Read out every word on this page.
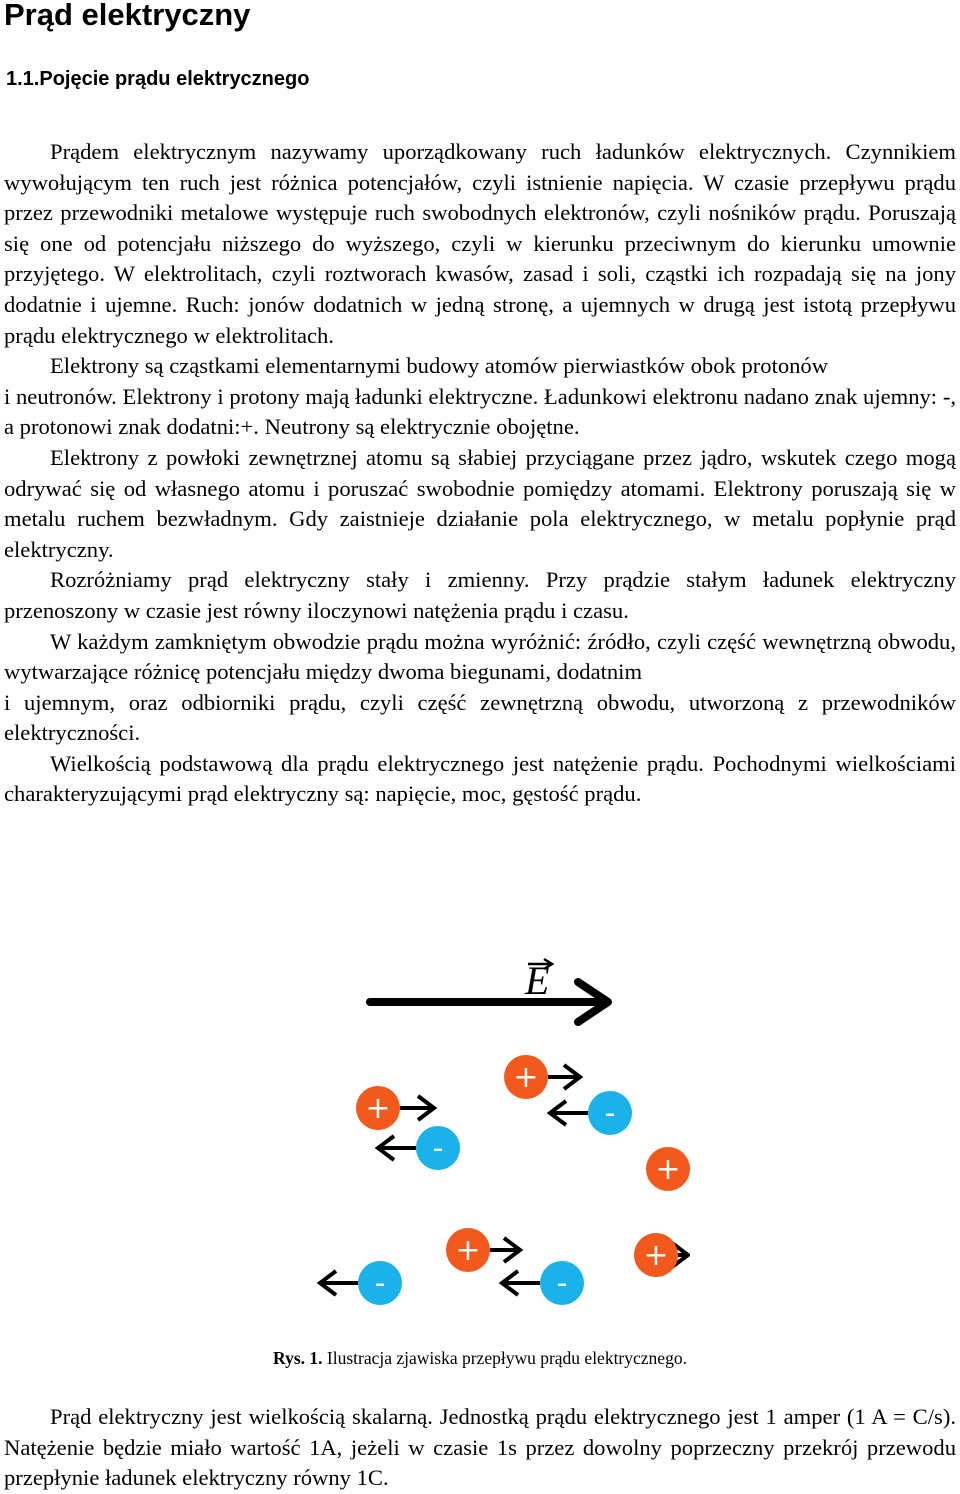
Prąd elektryczny
1.1.Pojęcie prądu elektrycznego

Prądem elektrycznym nazywamy uporządkowany ruch ładunków elektrycznych. Czynnikiem wywołującym ten ruch jest różnica potencjałów, czyli istnienie napięcia. W czasie przepływu prądu przez przewodniki metalowe występuje ruch swobodnych elektronów, czyli nośników prądu. Poruszają się one od potencjału niższego do wyższego, czyli w kierunku przeciwnym do kierunku umownie przyjętego. W elektrolitach, czyli roztworach kwasów, zasad i soli, cząstki ich rozpadają się na jony dodatnie i ujemne. Ruch: jonów dodatnich w jedną stronę, a ujemnych w drugą jest istotą przepływu prądu elektrycznego w elektrolitach.

Elektrony są cząstkami elementarnymi budowy atomów pierwiastków obok protonów

i neutronów. Elektrony i protony mają ładunki elektryczne. Ładunkowi elektronu nadano znak ujemny: -, a protonowi znak dodatni:+. Neutrony są elektrycznie obojętne.

Elektrony z powłoki zewnętrznej atomu są słabiej przyciągane przez jądro, wskutek czego mogą odrywać się od własnego atomu i poruszać swobodnie pomiędzy atomami. Elektrony poruszają się w metalu ruchem bezwładnym. Gdy zaistnieje działanie pola elektrycznego, w metalu popłynie prąd elektryczny.

Rozróżniamy prąd elektryczny stały i zmienny. Przy prądzie stałym ładunek elektryczny przenoszony w czasie jest równy iloczynowi natężenia prądu i czasu.

W każdym zamkniętym obwodzie prądu można wyróżnić: źródło, czyli część wewnętrzną obwodu, wytwarzające różnicę potencjału między dwoma biegunami, dodatnim

i ujemnym, oraz odbiorniki prądu, czyli część zewnętrzną obwodu, utworzoną z przewodników elektryczności.

Wielkością podstawową dla prądu elektrycznego jest natężenie prądu. Pochodnymi wielkościami charakteryzującymi prąd elektryczny są: napięcie, moc, gęstość prądu.

E
+
+
+
+	+
-
-
-	-
Rys. 1. Ilustracja zjawiska przepływu prądu elektrycznego.

Prąd elektryczny jest wielkością skalarną. Jednostką prądu elektrycznego jest 1 amper (1 A = C/s). Natężenie będzie miało wartość 1A, jeżeli w czasie 1s przez dowolny poprzeczny przekrój przewodu przepłynie ładunek elektryczny równy 1C.
